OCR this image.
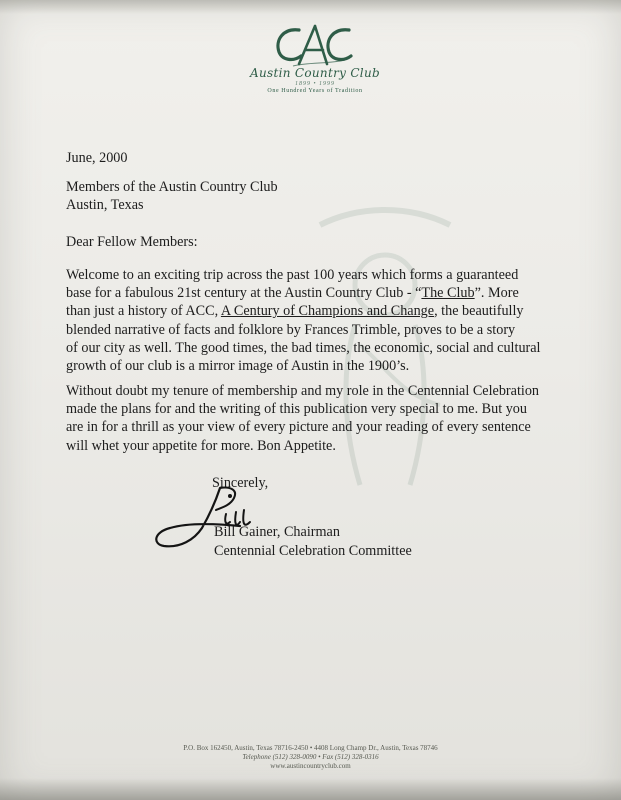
Austin Country Club
1899 • 1999
One Hundred Years of Tradition
June, 2000
Members of the Austin Country Club
Austin, Texas
Dear Fellow Members:
Welcome to an exciting trip across the past 100 years which forms a guaranteed
base for a fabulous 21st century at the Austin Country Club - “The Club”. More
than just a history of ACC, A Century of Champions and Change, the beautifully
blended narrative of facts and folklore by Frances Trimble, proves to be a story
of our city as well. The good times, the bad times, the economic, social and cultural
growth of our club is a mirror image of Austin in the 1900’s.
Without doubt my tenure of membership and my role in the Centennial Celebration
made the plans for and the writing of this publication very special to me. But you
are in for a thrill as your view of every picture and your reading of every sentence
will whet your appetite for more. Bon Appetite.
Sincerely,
Bill Gainer, Chairman
Centennial Celebration Committee
P.O. Box 162450, Austin, Texas 78716-2450 • 4408 Long Champ Dr., Austin, Texas 78746
Telephone (512) 328-0090 • Fax (512) 328-0316
www.austincountryclub.com
